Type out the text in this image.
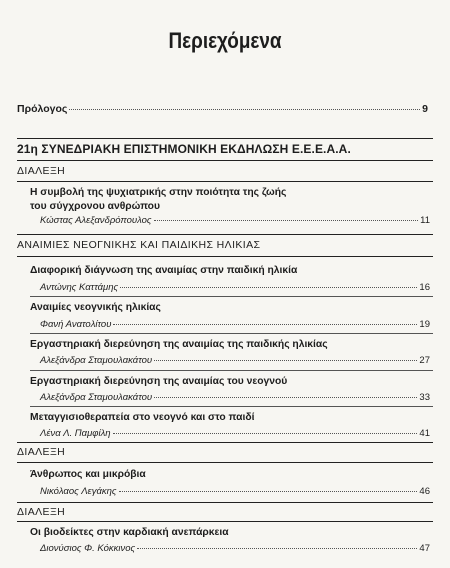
Περιεχόμενα
Πρόλογος	9
21η ΣΥΝΕΔΡΙΑΚΗ ΕΠΙΣΤΗΜΟΝΙΚΗ ΕΚΔΗΛΩΣΗ Ε.Ε.Ε.Α.Α.
ΔΙΑΛΕΞΗ
Η συμβολή της ψυχιατρικής στην ποιότητα της ζωής
του σύγχρονου ανθρώπου
Κώστας Αλεξανδρόπουλος	11
ΑΝΑΙΜΙΕΣ ΝΕΟΓΝΙΚΗΣ ΚΑΙ ΠΑΙΔΙΚΗΣ ΗΛΙΚΙΑΣ
Διαφορική διάγνωση της αναιμίας στην παιδική ηλικία
Αντώνης Καττάμης	16
Αναιμίες νεογνικής ηλικίας
Φανή Ανατολίτου	19
Εργαστηριακή διερεύνηση της αναιμίας της παιδικής ηλικίας
Αλεξάνδρα Σταμουλακάτου	27
Εργαστηριακή διερεύνηση της αναιμίας του νεογνού
Αλεξάνδρα Σταμουλακάτου	33
Μεταγγισιοθεραπεία στο νεογνό και στο παιδί
Λένα Λ. Παμφίλη	41
ΔΙΑΛΕΞΗ
Άνθρωπος και μικρόβια
Νικόλαος Λεγάκης	46
ΔΙΑΛΕΞΗ
Οι βιοδείκτες στην καρδιακή ανεπάρκεια
Διονύσιος Φ. Κόκκινος	47
